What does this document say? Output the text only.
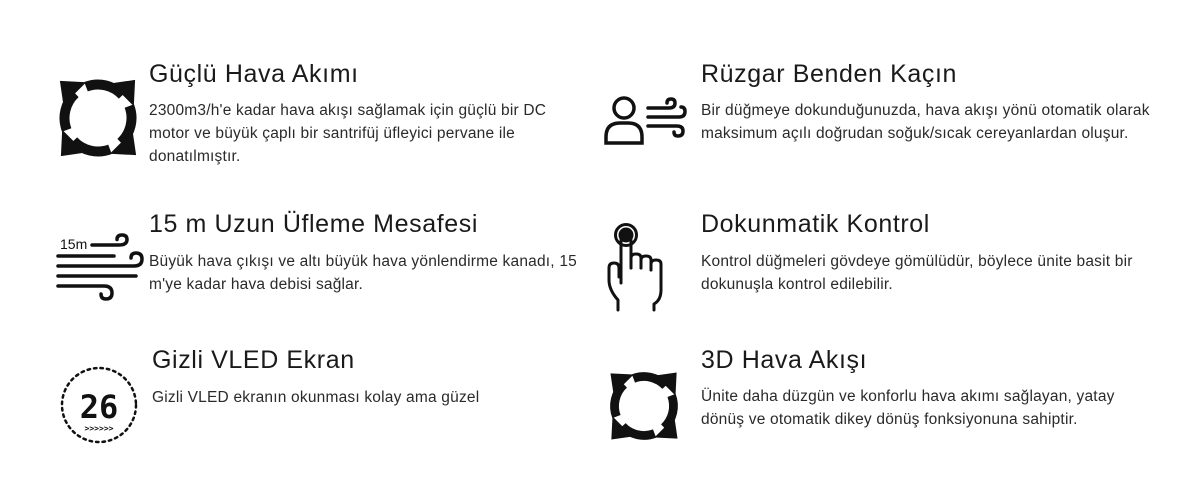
Güçlü Hava Akımı

2300m3/h'e kadar hava akışı sağlamak için güçlü bir DC motor ve büyük çaplı bir santrifüj üfleyici pervane ile donatılmıştır.

Rüzgar Benden Kaçın

Bir düğmeye dokunduğunuzda, hava akışı yönü otomatik olarak maksimum açılı doğrudan soğuk/sıcak cereyanlardan oluşur.

15m
15 m Uzun Üfleme Mesafesi

Büyük hava çıkışı ve altı büyük hava yönlendirme kanadı, 15 m'ye kadar hava debisi sağlar.

Dokunmatik Kontrol

Kontrol düğmeleri gövdeye gömülüdür, böylece ünite basit bir dokunuşla kontrol edilebilir.

26
>>>>>>
Gizli VLED Ekran

Gizli VLED ekranın okunması kolay ama güzel

3D Hava Akışı

Ünite daha düzgün ve konforlu hava akımı sağlayan, yatay dönüş ve otomatik dikey dönüş fonksiyonuna sahiptir.
